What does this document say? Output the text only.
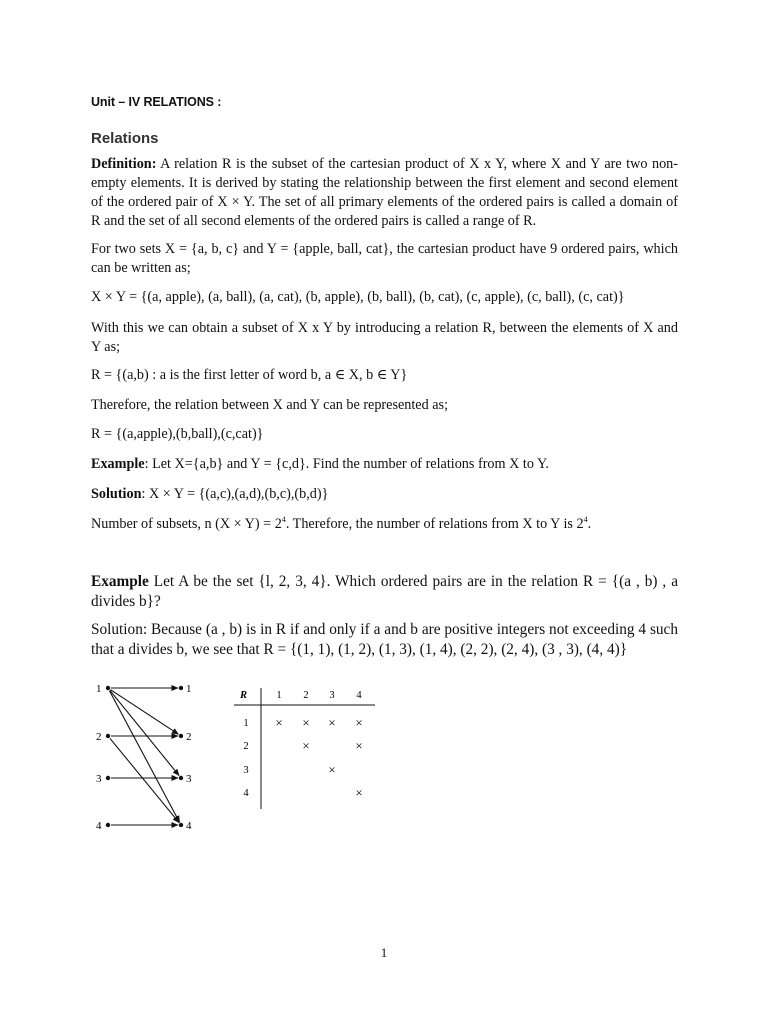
Unit – IV RELATIONS :
Relations
Definition: A relation R is the subset of the cartesian product of X x Y, where X and Y are two non-empty elements. It is derived by stating the relationship between the first element and second element of the ordered pair of X × Y. The set of all primary elements of the ordered pairs is called a domain of R and the set of all second elements of the ordered pairs is called a range of R.
For two sets X = {a, b, c} and Y = {apple, ball, cat}, the cartesian product have 9 ordered pairs, which can be written as;
X × Y = {(a, apple), (a, ball), (a, cat), (b, apple), (b, ball), (b, cat), (c, apple), (c, ball), (c, cat)}
With this we can obtain a subset of X x Y by introducing a relation R, between the elements of X and Y as;
R = {(a,b) : a is the first letter of word b, a ∈ X, b ∈ Y}
Therefore, the relation between X and Y can be represented as;
R = {(a,apple),(b,ball),(c,cat)}
Example: Let X={a,b} and Y = {c,d}. Find the number of relations from X to Y.
Solution: X × Y = {(a,c),(a,d),(b,c),(b,d)}
Number of subsets, n $(X \times Y) = 2^4$. Therefore, the number of relations from X to Y is $2^4$.
Example Let A be the set {l, 2, 3, 4}. Which ordered pairs are in the relation R = {(a , b) , a divides b}?
Solution: Because (a , b) is in R if and only if a and b are positive integers not exceeding 4 such that a divides b, we see that R = {(1, 1), (1, 2), (1, 3), (1, 4), (2, 2), (2, 4), (3 , 3), (4, 4)}
1
2
3
4
1
2
3
4
R	1 2 3 4
1
2
3
4
× × × ×
×	×
×
×
1
